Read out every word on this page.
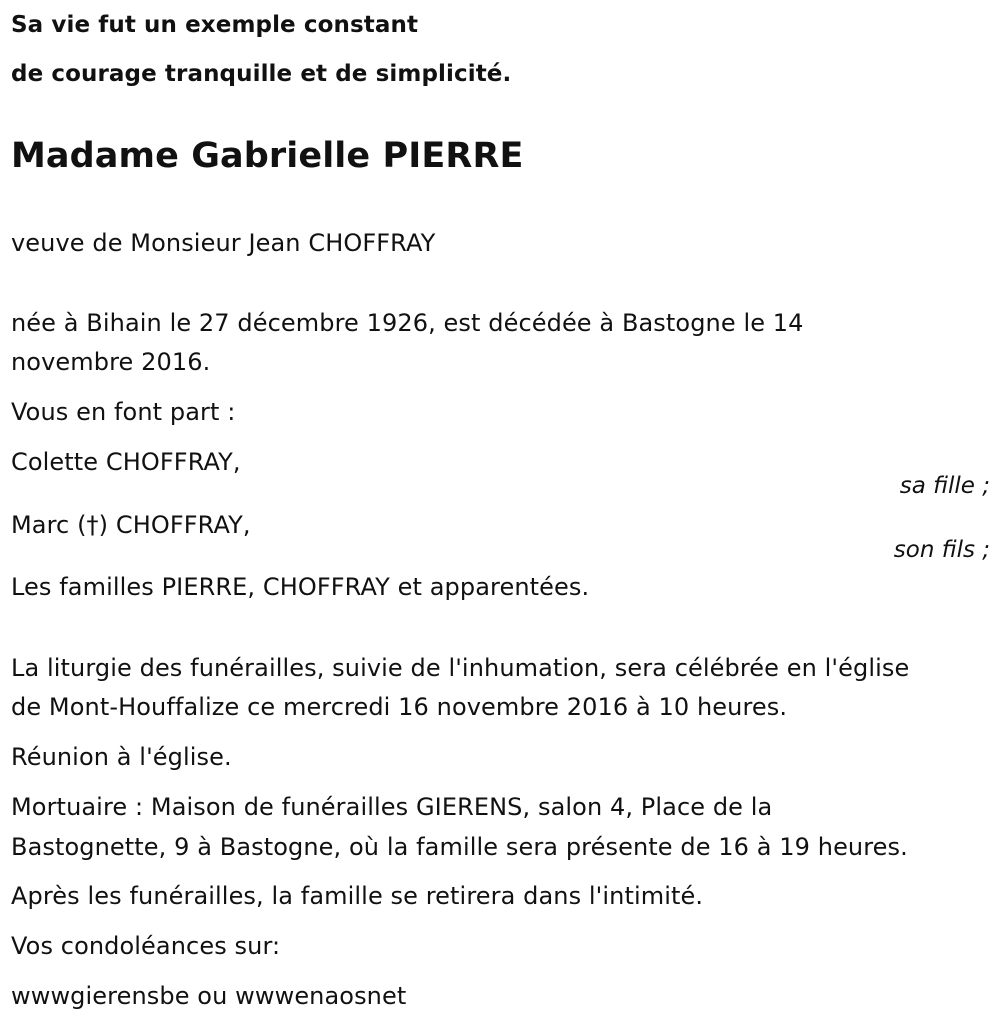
Sa vie fut un exemple constant
de courage tranquille et de simplicité.
Madame Gabrielle PIERRE
veuve de Monsieur Jean CHOFFRAY
née à Bihain le 27 décembre 1926, est décédée à Bastogne le 14
novembre 2016.
Vous en font part :
Colette CHOFFRAY,
sa fille ;
Marc (†) CHOFFRAY,
son fils ;
Les familles PIERRE, CHOFFRAY et apparentées.
La liturgie des funérailles, suivie de l'inhumation, sera célébrée en l'église
de Mont-Houffalize ce mercredi 16 novembre 2016 à 10 heures.
Réunion à l'église.
Mortuaire : Maison de funérailles GIERENS, salon 4, Place de la
Bastognette, 9 à Bastogne, où la famille sera présente de 16 à 19 heures.
Après les funérailles, la famille se retirera dans l'intimité.
Vos condoléances sur:
wwwgierensbe ou wwwenaosnet
